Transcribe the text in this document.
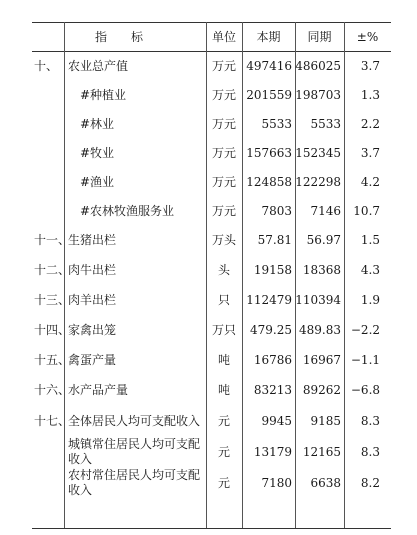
指　　标		单位	本期	同期	±%
十、	农业总产值	万元	497416	486025	3.7
	#种植业	万元	201559	198703	1.3
	#林业	万元	5533	5533	2.2
	#牧业	万元	157663	152345	3.7
	#渔业	万元	124858	122298	4.2
	#农林牧渔服务业	万元	7803	7146	10.7
十一、	生猪出栏	万头	57.81	56.97	1.5
十二、	肉牛出栏	头	19158	18368	4.3
十三、	肉羊出栏	只	112479	110394	1.9
十四、	家禽出笼	万只	479.25	489.83	−2.2
十五、	禽蛋产量	吨	16786	16967	−1.1
十六、	水产品产量	吨	83213	89262	−6.8
十七、	全体居民人均可支配收入	元	9945	9185	8.3
	城镇常住居民人均可支配收入	元	13179	12165	8.3
	农村常住居民人均可支配收入	元	7180	6638	8.2
